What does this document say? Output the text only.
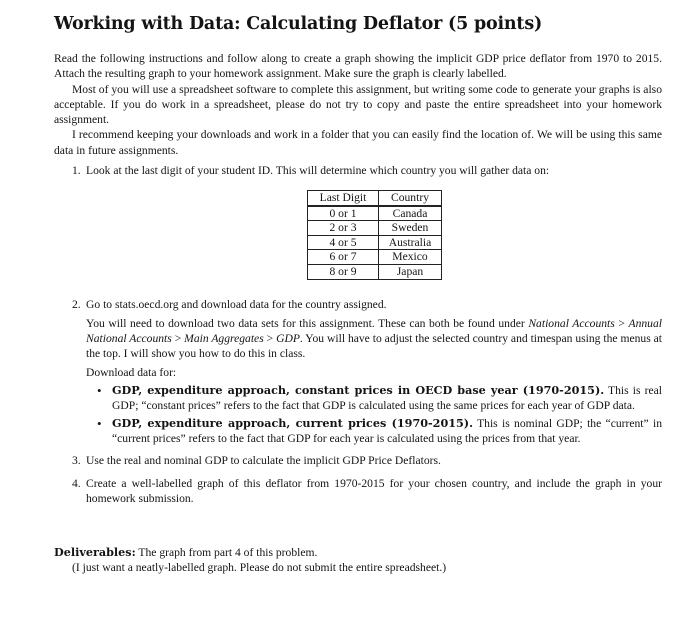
Working with Data: Calculating Deflator (5 points)

Read the following instructions and follow along to create a graph showing the implicit GDP price deflator from 1970 to 2015. Attach the resulting graph to your homework assignment. Make sure the graph is clearly labelled.

Most of you will use a spreadsheet software to complete this assignment, but writing some code to generate your graphs is also acceptable. If you do work in a spreadsheet, please do not try to copy and paste the entire spreadsheet into your homework assignment.

I recommend keeping your downloads and work in a folder that you can easily find the location of. We will be using this same data in future assignments.

1. Look at the last digit of your student ID. This will determine which country you will gather data on:

Last Digit	Country
0 or 1	Canada
2 or 3	Sweden
4 or 5	Australia
6 or 7	Mexico
8 or 9	Japan
2. Go to stats.oecd.org and download data for the country assigned.

You will need to download two data sets for this assignment. These can both be found under National Accounts > Annual National Accounts > Main Aggregates > GDP. You will have to adjust the selected country and timespan using the menus at the top. I will show you how to do this in class.

Download data for:

• GDP, expenditure approach, constant prices in OECD base year (1970-2015). This is real GDP; “constant prices” refers to the fact that GDP is calculated using the same prices for each year of GDP data.
• GDP, expenditure approach, current prices (1970-2015). This is nominal GDP; the “current” in “current prices” refers to the fact that GDP for each year is calculated using the prices from that year.
3. Use the real and nominal GDP to calculate the implicit GDP Price Deflators.

4. Create a well-labelled graph of this deflator from 1970-2015 for your chosen country, and include the graph in your homework submission.

Deliverables: The graph from part 4 of this problem.

(I just want a neatly-labelled graph. Please do not submit the entire spreadsheet.)
